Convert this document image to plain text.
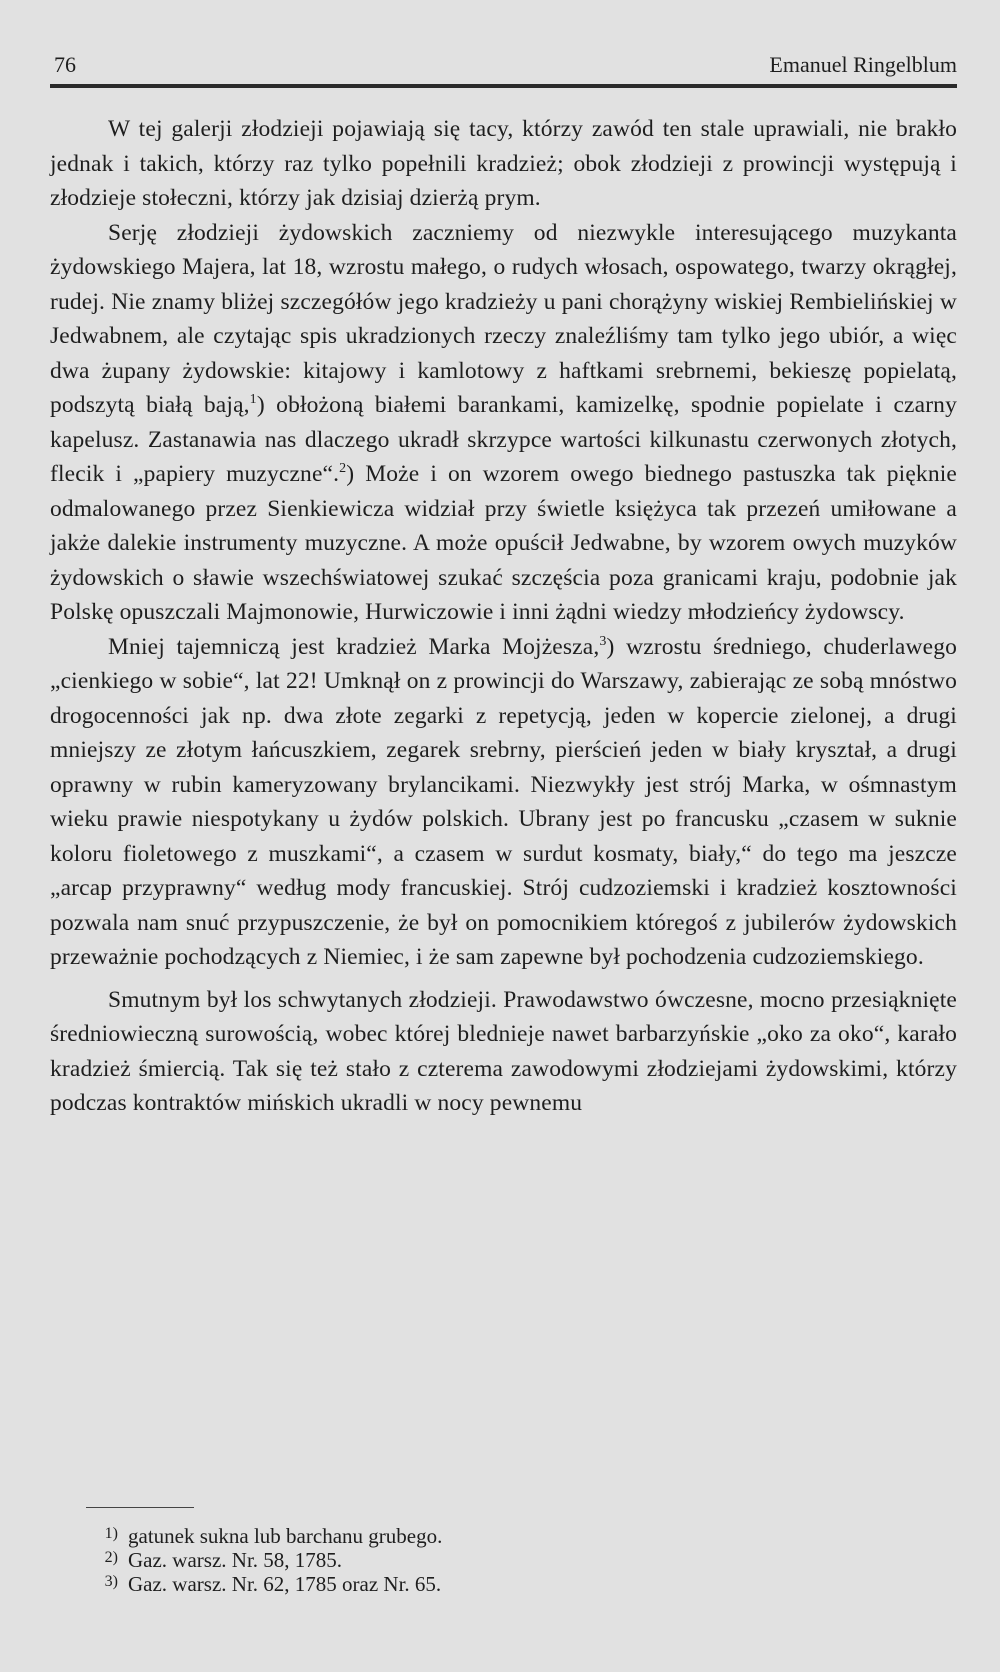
76	Emanuel Ringelblum

W tej galerji złodzieji pojawiają się tacy, którzy zawód ten stale uprawiali, nie brakło jednak i takich, którzy raz tylko popełnili kradzież; obok złodzieji z prowincji występują i złodzieje stołeczni, którzy jak dzisiaj dzierżą prym.

Serję złodzieji żydowskich zaczniemy od niezwykle interesującego muzykanta żydowskiego Majera, lat 18, wzrostu małego, o rudych włosach, ospowatego, twarzy okrągłej, rudej. Nie znamy bliżej szczegółów jego kradzieży u pani chorążyny wiskiej Rembielińskiej w Jedwabnem, ale czytając spis ukradzionych rzeczy znaleźliśmy tam tylko jego ubiór, a więc dwa żupany żydowskie: kitajowy i kamlotowy z haftkami srebrnemi, bekieszę popielatą, podszytą białą bają,$^1$) obłożoną białemi barankami, kamizelkę, spodnie popielate i czarny kapelusz. Zastanawia nas dlaczego ukradł skrzypce wartości kilkunastu czerwonych złotych, flecik i „papiery muzyczne“.$^2$) Może i on wzorem owego biednego pastuszka tak pięknie odmalowanego przez Sienkiewicza widział przy świetle księżyca tak przezeń umiłowane a jakże dalekie instrumenty muzyczne. A może opuścił Jedwabne, by wzorem owych muzyków żydowskich o sławie wszechświatowej szukać szczęścia poza granicami kraju, podobnie jak Polskę opuszczali Majmonowie, Hurwiczowie i inni żądni wiedzy młodzieńcy żydowscy.

Mniej tajemniczą jest kradzież Marka Mojżesza,$^3$) wzrostu średniego, chuderlawego „cienkiego w sobie“, lat 22! Umknął on z prowincji do Warszawy, zabierając ze sobą mnóstwo drogocenności jak np. dwa złote zegarki z repetycją, jeden w kopercie zielonej, a drugi mniejszy ze złotym łańcuszkiem, zegarek srebrny, pierścień jeden w biały kryształ, a drugi oprawny w rubin kameryzowany brylancikami. Niezwykły jest strój Marka, w ośmnastym wieku prawie niespotykany u żydów polskich. Ubrany jest po francusku „czasem w suknie koloru fioletowego z muszkami“, a czasem w surdut kosmaty, biały,“ do tego ma jeszcze „arcap przyprawny“ według mody francuskiej. Strój cudzoziemski i kradzież kosztowności pozwala nam snuć przypuszczenie, że był on pomocnikiem któregoś z jubilerów żydowskich przeważnie pochodzących z Niemiec, i że sam zapewne był pochodzenia cudzoziemskiego.

Smutnym był los schwytanych złodzieji. Prawodawstwo ówczesne, mocno przesiąknięte średniowieczną surowością, wobec której blednieje nawet barbarzyńskie „oko za oko“, karało kradzież śmiercią. Tak się też stało z czterema zawodowymi złodziejami żydowskimi, którzy podczas kontraktów mińskich ukradli w nocy pewnemu

1) gatunek sukna lub barchanu grubego.
2) Gaz. warsz. Nr. 58, 1785.
3) Gaz. warsz. Nr. 62, 1785 oraz Nr. 65.
